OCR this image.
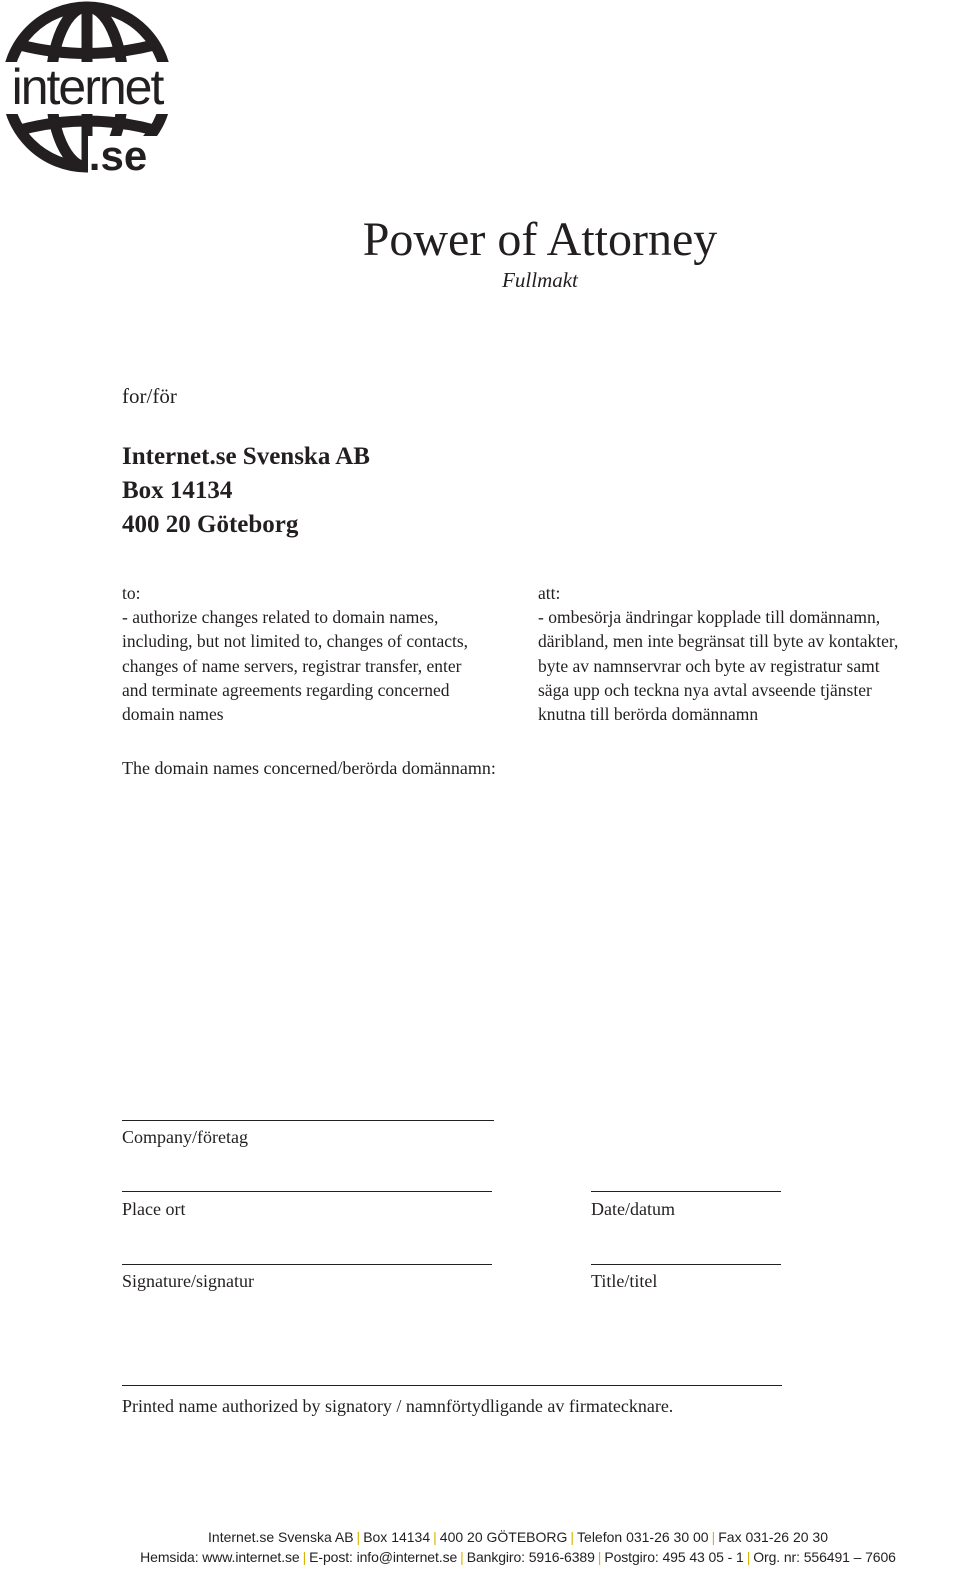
internet
.se
Power of Attorney
Fullmakt
for/för
Internet.se Svenska AB
Box 14134
400 20 Göteborg
to:
- authorize changes related to domain names,
including, but not limited to, changes of contacts,
changes of name servers, registrar transfer, enter
and terminate agreements regarding concerned
domain names
att:
- ombesörja ändringar kopplade till domännamn,
däribland, men inte begränsat till byte av kontakter,
byte av namnservrar och byte av registratur samt
säga upp och teckna nya avtal avseende tjänster
knutna till berörda domännamn
The domain names concerned/berörda domännamn:
Company/företag
Place ort	Date/datum
Signature/signatur	Title/titel
Printed name authorized by signatory / namnförtydligande av firmatecknare.
Internet.se Svenska AB | Box 14134 | 400 20 GÖTEBORG | Telefon 031-26 30 00 | Fax 031-26 20 30
Hemsida: www.internet.se | E-post: info@internet.se | Bankgiro: 5916-6389 | Postgiro: 495 43 05 - 1 | Org. nr: 556491 – 7606
